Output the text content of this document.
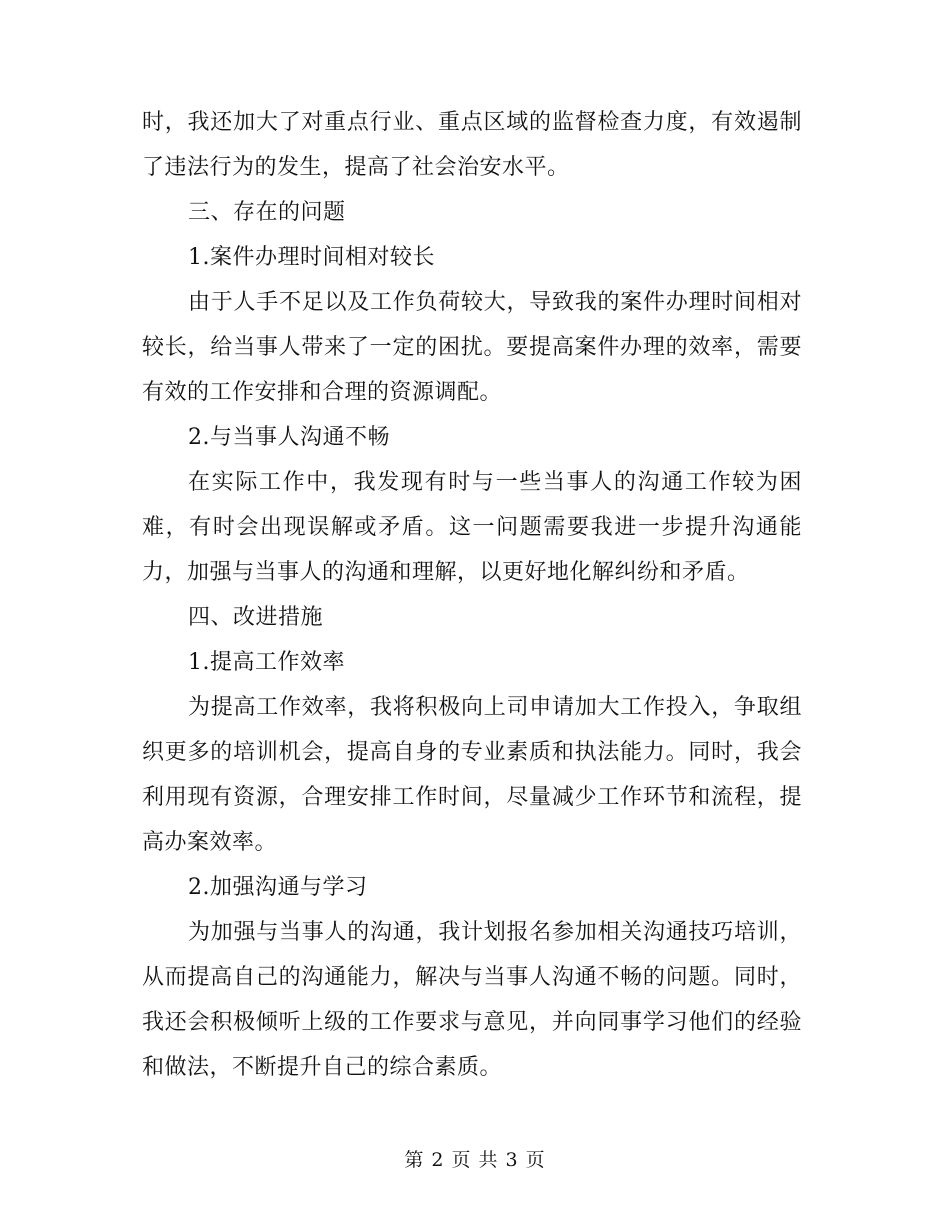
时，我还加大了对重点行业、重点区域的监督检查力度，有效遏制了违法行为的发生，提高了社会治安水平。

三、存在的问题

1.案件办理时间相对较长

由于人手不足以及工作负荷较大，导致我的案件办理时间相对较长，给当事人带来了一定的困扰。要提高案件办理的效率，需要有效的工作安排和合理的资源调配。

2.与当事人沟通不畅

在实际工作中，我发现有时与一些当事人的沟通工作较为困难，有时会出现误解或矛盾。这一问题需要我进一步提升沟通能力，加强与当事人的沟通和理解，以更好地化解纠纷和矛盾。

四、改进措施

1.提高工作效率

为提高工作效率，我将积极向上司申请加大工作投入，争取组织更多的培训机会，提高自身的专业素质和执法能力。同时，我会利用现有资源，合理安排工作时间，尽量减少工作环节和流程，提高办案效率。

2.加强沟通与学习

为加强与当事人的沟通，我计划报名参加相关沟通技巧培训，从而提高自己的沟通能力，解决与当事人沟通不畅的问题。同时，我还会积极倾听上级的工作要求与意见，并向同事学习他们的经验和做法，不断提升自己的综合素质。

第 2 页 共 3 页
